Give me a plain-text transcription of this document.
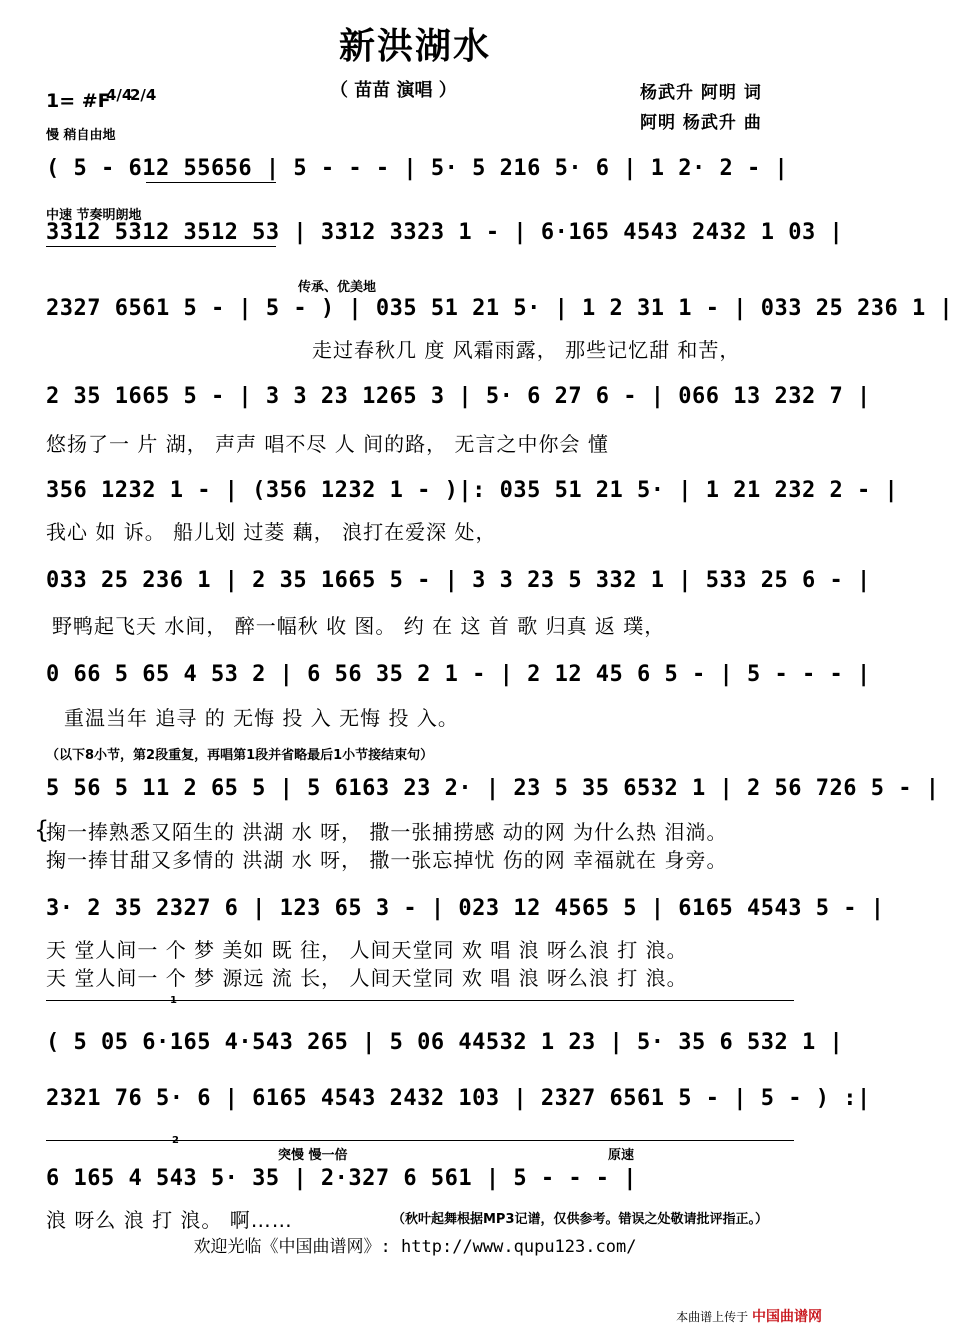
新洪湖水
（ 苗苗 演唱 ）	杨武升 阿明 词
阿明 杨武升 曲
1= #F
4/4
2/4
慢 稍自由地
( 5 - 612 55656 | 5 - - - | 5· 5 216 5· 6 | 1 2· 2 - |
中速 节奏明朗地
3312 5312 3512 53 | 3312 3323 1 - | 6·165 4543 2432 1 03 |
传承、优美地
2327 6561 5 - | 5 - ) | 035 51 21 5· | 1 2 31 1 - | 033 25 236 1 |
走过春秋几 度 风霜雨露， 那些记忆甜 和苦，
2 35 1665 5 - | 3 3 23 1265 3 | 5· 6 27 6 - | 066 13 232 7 |
悠扬了一 片 湖， 声声 唱不尽 人 间的路， 无言之中你会 懂
356 1232 1 - | (356 1232 1 - )|: 035 51 21 5· | 1 21 232 2 - |
我心 如 诉。 船儿划 过菱 藕， 浪打在爱深 处，
033 25 236 1 | 2 35 1665 5 - | 3 3 23 5 332 1 | 533 25 6 - |
野鸭起飞天 水间， 醉一幅秋 收 图。 约 在 这 首 歌 归真 返 璞，
0 66 5 65 4 53 2 | 6 56 35 2 1 - | 2 12 45 6 5 - | 5 - - - |
重温当年 追寻 的 无悔 投 入 无悔 投 入。
（以下8小节，第2段重复，再唱第1段并省略最后1小节接结束句）
5 56 5 11 2 65 5 | 5 6163 23 2· | 23 5 35 6532 1 | 2 56 726 5 - |
{
掬一捧熟悉又陌生的 洪湖 水 呀， 撒一张捕捞感 动的网 为什么热 泪淌。
掬一捧甘甜又多情的 洪湖 水 呀， 撒一张忘掉忧 伤的网 幸福就在 身旁。
3· 2 35 2327 6 | 123 65 3 - | 023 12 4565 5 | 6165 4543 5 - |
天 堂人间一 个 梦 美如 既 往， 人间天堂同 欢 唱 浪 呀么浪 打 浪。
天 堂人间一 个 梦 源远 流 长， 人间天堂同 欢 唱 浪 呀么浪 打 浪。
1
( 5 05 6·165 4·543 265 | 5 06 44532 1 23 | 5· 35 6 532 1 |
2321 76 5· 6 | 6165 4543 2432 103 | 2327 6561 5 - | 5 - ) :|
2
突慢 慢一倍	原速
6 165 4 543 5· 35 | 2·327 6 561 | 5 - - - |
浪 呀么 浪 打 浪。 啊……	（秋叶起舞根据MP3记谱，仅供参考。错误之处敬请批评指正。）
欢迎光临《中国曲谱网》: http://www.qupu123.com/
本曲谱上传于 中国曲谱网
